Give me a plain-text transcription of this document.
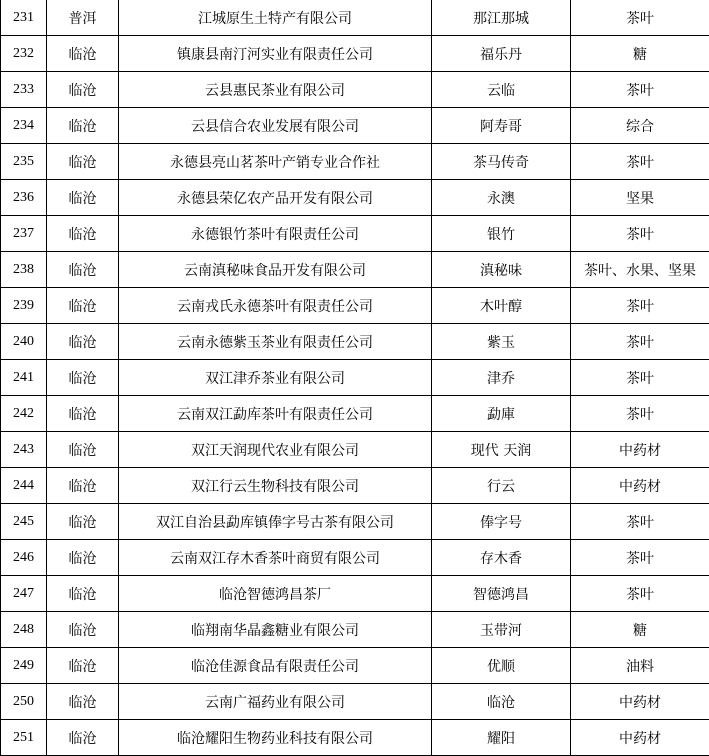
231	普洱	江城原生土特产有限公司	那江那城	茶叶
232	临沧	镇康县南汀河实业有限责任公司	福乐丹	糖
233	临沧	云县惠民茶业有限公司	云临	茶叶
234	临沧	云县信合农业发展有限公司	阿寿哥	综合
235	临沧	永德县亮山茗茶叶产销专业合作社	茶马传奇	茶叶
236	临沧	永德县荣亿农产品开发有限公司	永澳	坚果
237	临沧	永德银竹茶叶有限责任公司	银竹	茶叶
238	临沧	云南滇秘味食品开发有限公司	滇秘味	茶叶、水果、坚果
239	临沧	云南戎氏永德茶叶有限责任公司	木叶醇	茶叶
240	临沧	云南永德紫玉茶业有限责任公司	紫玉	茶叶
241	临沧	双江津乔茶业有限公司	津乔	茶叶
242	临沧	云南双江勐库茶叶有限责任公司	勐庫	茶叶
243	临沧	双江天润现代农业有限公司	现代 天润	中药材
244	临沧	双江行云生物科技有限公司	行云	中药材
245	临沧	双江自治县勐库镇俸字号古茶有限公司	俸字号	茶叶
246	临沧	云南双江存木香茶叶商贸有限公司	存木香	茶叶
247	临沧	临沧智德鸿昌茶厂	智德鸿昌	茶叶
248	临沧	临翔南华晶鑫糖业有限公司	玉带河	糖
249	临沧	临沧佳源食品有限责任公司	优顺	油料
250	临沧	云南广福药业有限公司	临沧	中药材
251	临沧	临沧耀阳生物药业科技有限公司	耀阳	中药材
